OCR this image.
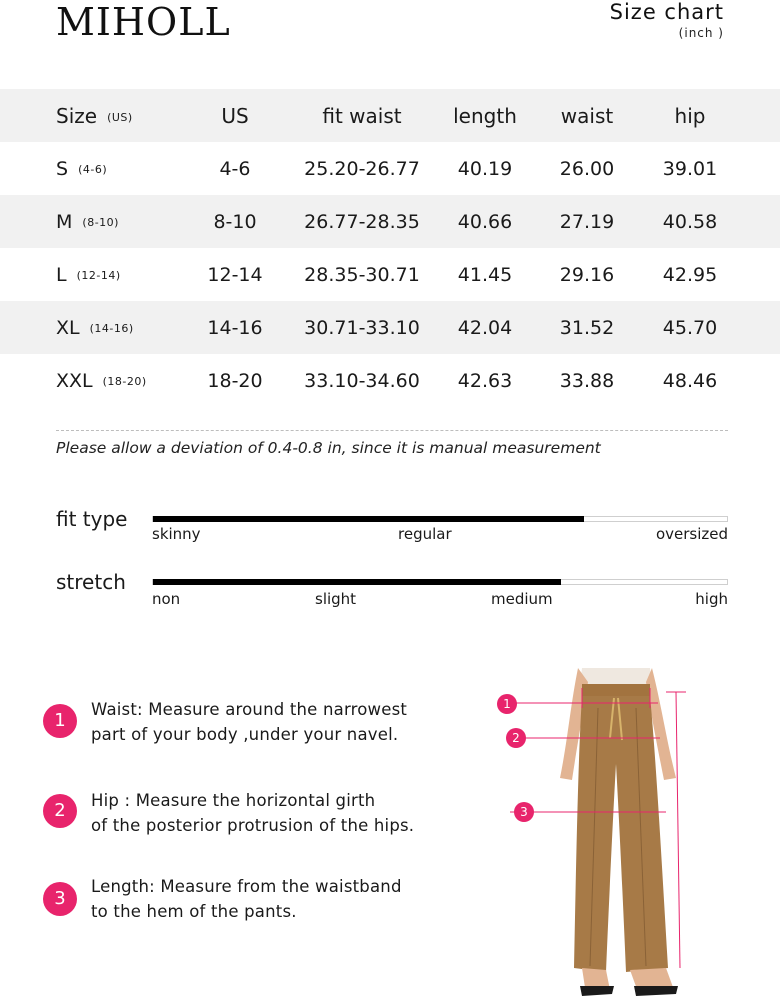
MIHOLL	Size chart
(inch )
Size (US)	US	fit waist	length	waist	hip
S (4-6)	4-6	25.20-26.77	40.19	26.00	39.01
M (8-10)	8-10	26.77-28.35	40.66	27.19	40.58
L (12-14)	12-14	28.35-30.71	41.45	29.16	42.95
XL (14-16)	14-16	30.71-33.10	42.04	31.52	45.70
XXL (18-20)	18-20	33.10-34.60	42.63	33.88	48.46
Please allow a deviation of 0.4-0.8 in, since it is manual measurement
fit type
skinny	regular	oversized
stretch
non	slight	medium	high
1
Waist: Measure around the narrowest
part of your body ,under your navel.
2	Hip : Measure the horizontal girth
of the posterior protrusion of the hips.
3
Length: Measure from the waistband
to the hem of the pants.
1
2
3
